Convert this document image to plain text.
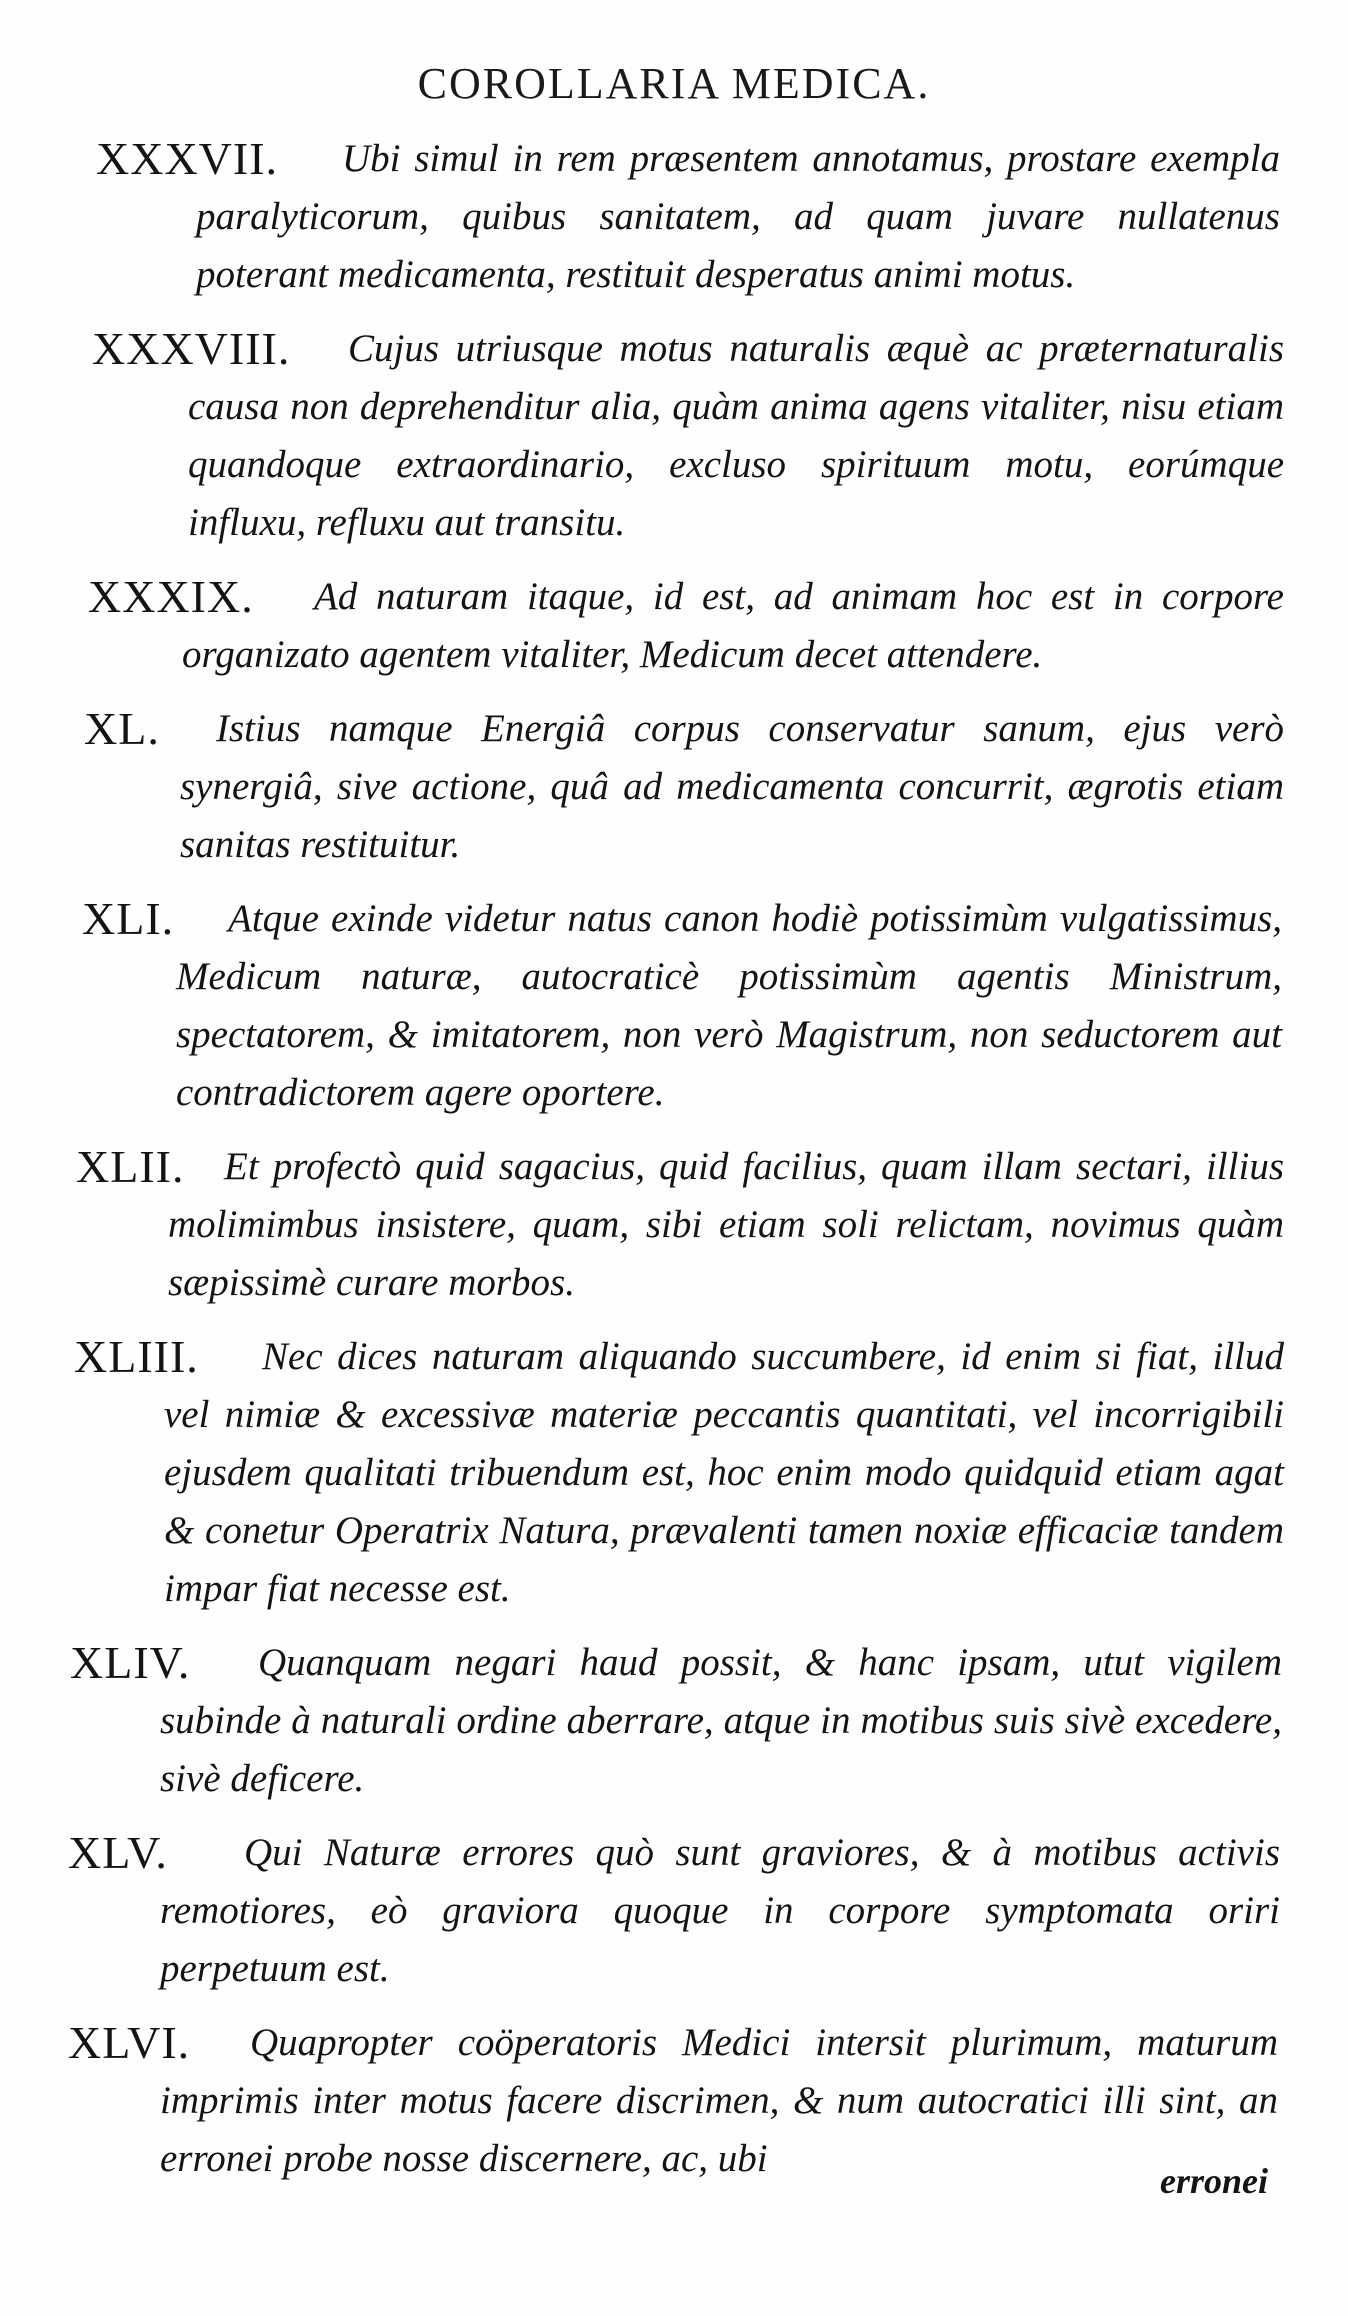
COROLLARIA MEDICA.
XXXVII.	Ubi simul in rem præsentem annotamus, prostare exempla paralyticorum, quibus sanitatem, ad quam juvare nullatenus poterant medicamenta, restituit desperatus animi motus.
XXXVIII.	Cujus utriusque motus naturalis æquè ac præternaturalis causa non deprehenditur alia, quàm anima agens vitaliter, nisu etiam quandoque extraordinario, excluso spirituum motu, eorúmque influxu, refluxu aut transitu.
XXXIX.	Ad naturam itaque, id est, ad animam hoc est in corpore organizato agentem vitaliter, Medicum decet attendere.
XL.	Istius namque Energiâ corpus conservatur sanum, ejus verò synergiâ, sive actione, quâ ad medicamenta concurrit, ægrotis etiam sanitas restituitur.
XLI.	Atque exinde videtur natus canon hodiè potissimùm vulgatissimus, Medicum naturæ, autocraticè potissimùm agentis Ministrum, spectatorem, & imitatorem, non verò Magistrum, non seductorem aut contradictorem agere oportere.
XLII.	Et profectò quid sagacius, quid facilius, quam illam sectari, illius molimimbus insistere, quam, sibi etiam soli relictam, novimus quàm sæpissimè curare morbos.
XLIII.	Nec dices naturam aliquando succumbere, id enim si fiat, illud vel nimiæ & excessivæ materiæ peccantis quantitati, vel incorrigibili ejusdem qualitati tribuendum est, hoc enim modo quidquid etiam agat & conetur Operatrix Natura, prævalenti tamen noxiæ efficaciæ tandem impar fiat necesse est.
XLIV.	Quanquam negari haud possit, & hanc ipsam, utut vigilem subinde à naturali ordine aberrare, atque in motibus suis sivè excedere, sivè deficere.
XLV.	Qui Naturæ errores quò sunt graviores, & à motibus activis remotiores, eò graviora quoque in corpore symptomata oriri perpetuum est.
XLVI.	Quapropter coöperatoris Medici intersit plurimum, maturum imprimis inter motus facere discrimen, & num autocratici illi sint, an erronei probe nosse discernere, ac, ubi
erronei
